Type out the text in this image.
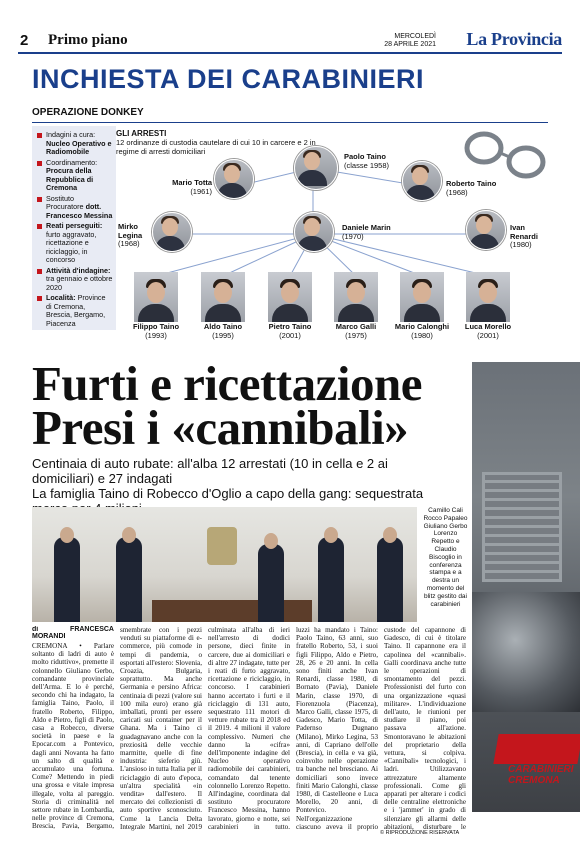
2 Primo piano	MERCOLEDÌ
28 APRILE 2021 La Provincia
INCHIESTA DEI CARABINIERI
OPERAZIONE DONKEY
Indagini a cura: Nucleo Operativo e Radiomobile
Coordinamento: Procura della Repubblica di Cremona
Sostituto Procuratore dott. Francesco Messina
Reati perseguiti: furto aggravato, ricettazione e riciclaggio, in concorso
Attività d'indagine: tra gennaio e ottobre 2020
Località: Province di Cremona, Brescia, Bergamo, Piacenza
GLI ARRESTI
12 ordinanze di custodia cautelare di cui 10 in carcere e 2 in regime di arresti domiciliari
Paolo Taino
(classe 1958)
Mario Totta
(1961)
Roberto Taino
(1968)
Mirko Legina
(1968)
Daniele Marin
(1970)
Ivan Renardi
(1980)
Filippo Taino
(1993)
Aldo Taino
(1995)
Pietro Taino
(2001)
Marco Galli
(1975)
Mario Calonghi
(1980)
Luca Morello
(2001)
Furti e ricettazione
Presi i «cannibali»
Centinaia di auto rubate: all'alba 12 arrestati (10 in cella e 2 ai domiciliari) e 27 indagati
La famiglia Taino di Robecco d'Oglio a capo della gang: sequestrata
Camillo Cali Rocco Papaleo Giuliano Gerbo Lorenzo Repetto e Claudio Biscoglio in conferenza stampa e a destra un momento del blitz gestito dai carabinieri
CARABINIERI CREMONA
di FRANCESCA MORANDI
CREMONA • Parlare soltanto di ladri di auto è molto riduttivo», premette il colonnello Giuliano Gerbo, comandante provinciale dell'Arma. E lo è perché, secondo chi ha indagato, la famiglia Taino, Paolo, il fratello Roberto, Filippo, Aldo e Pietro, figli di Paolo, casa a Robecco, diverse società in paese e la Epocar.com a Pontevico, dagli anni Novanta ha fatto un salto di qualità e accumulato una fortuna. Come? Mettendo in piedi una grossa e vitale impresa illegale, volta al pareggio. Storia di criminalità nel settore rubate in Lombardia, nelle province di Cremona, Brescia, Pavia, Bergamo,
smembrate con i pezzi venduti su piattaforme di e-commerce, più comode in tempi di pandemia, o esportati all'estero: Slovenia, Croazia, Bulgaria, soprattutto. Ma anche Germania e persino Africa: centinaia di pezzi (valore sui 100 mila euro) erano già imballati, pronti per essere caricati sui container per il Ghana. Ma i Taino ci guadagnavano anche con la preziosità delle vecchie marmitte, quelle di fine industria: sieferio giù. L'ansioso in tutta Italia per il riciclaggio di auto d'epoca, un'altra specialità «in vendita» dall'estero. Il mercato dei collezionisti di auto sportive sconosciuto. Come la Lancia Delta Integrale Martini, nel 2019
culminata all'alba di ieri nell'arresto di dodici persone, dieci finite in carcere, due ai domiciliari e di altre 27 indagate, tutte per i reati di furto aggravato, ricettazione e riciclaggio, in concorso. I carabinieri hanno accertato i furti e il riciclaggio di 131 auto, sequestrato 111 motori di vetture rubate tra il 2018 ed il 2019. 4 milioni il valore complessivo. Numeri che danno la «cifra» dell'imponente indagine del Nucleo operativo radiomobile dei carabinieri, comandato dal tenente colonnello Lorenzo Repetto. All'indagine, coordinata dal sostituto procuratore Francesco Messina, hanno lavorato, giorno e notte, sei carabinieri in tutto.
luzzi ha mandato i Taino: Paolo Taino, 63 anni, suo fratello Roberto, 53, i suoi figli Filippo, Aldo e Pietro, 28, 26 e 20 anni. In cella sono finiti anche Ivan Renardi, classe 1980, di Bornato (Pavia), Daniele Marin, classe 1970, di Fiorenzuola (Piacenza), Marco Galli, classe 1975, di Gadesco, Mario Totta, di Padernso Dugnano (Milano), Mirko Legina, 53 anni, di Capriano dell'olle (Brescia), in cella e va già, coinvolto nelle operazione tra banche nel bresciano. Ai domiciliari sono invece finiti Mario Calonghi, classe 1980, di Castelleone e Luca Morello, 20 anni, di Pontevico. Nell'organizzazione ciascuno aveva il proprio
custode del capannone di Gadesco, di cui è titolare Taino. Il capannone era il capolinea del «cannibali». Galli coordinava anche tutte le operazioni di smontamento del pezzi. Professionisti del furto con una organizzazione «quasi militare». L'individuazione dell'auto, le riunioni per studiare il piano, poi passava all'azione. Smontoravano le abitazioni del proprietario della vettura, si colpiva. «Cannibali» tecnologici, i ladri. Utilizzavano attrezzature altamente professionali. Come gli apparati per alterare i codici delle centraline elettroniche e i 'jammer' in grado di silenziare gli allarmi delle abitazioni, disturbare le
© RIPRODUZIONE RISERVATA
